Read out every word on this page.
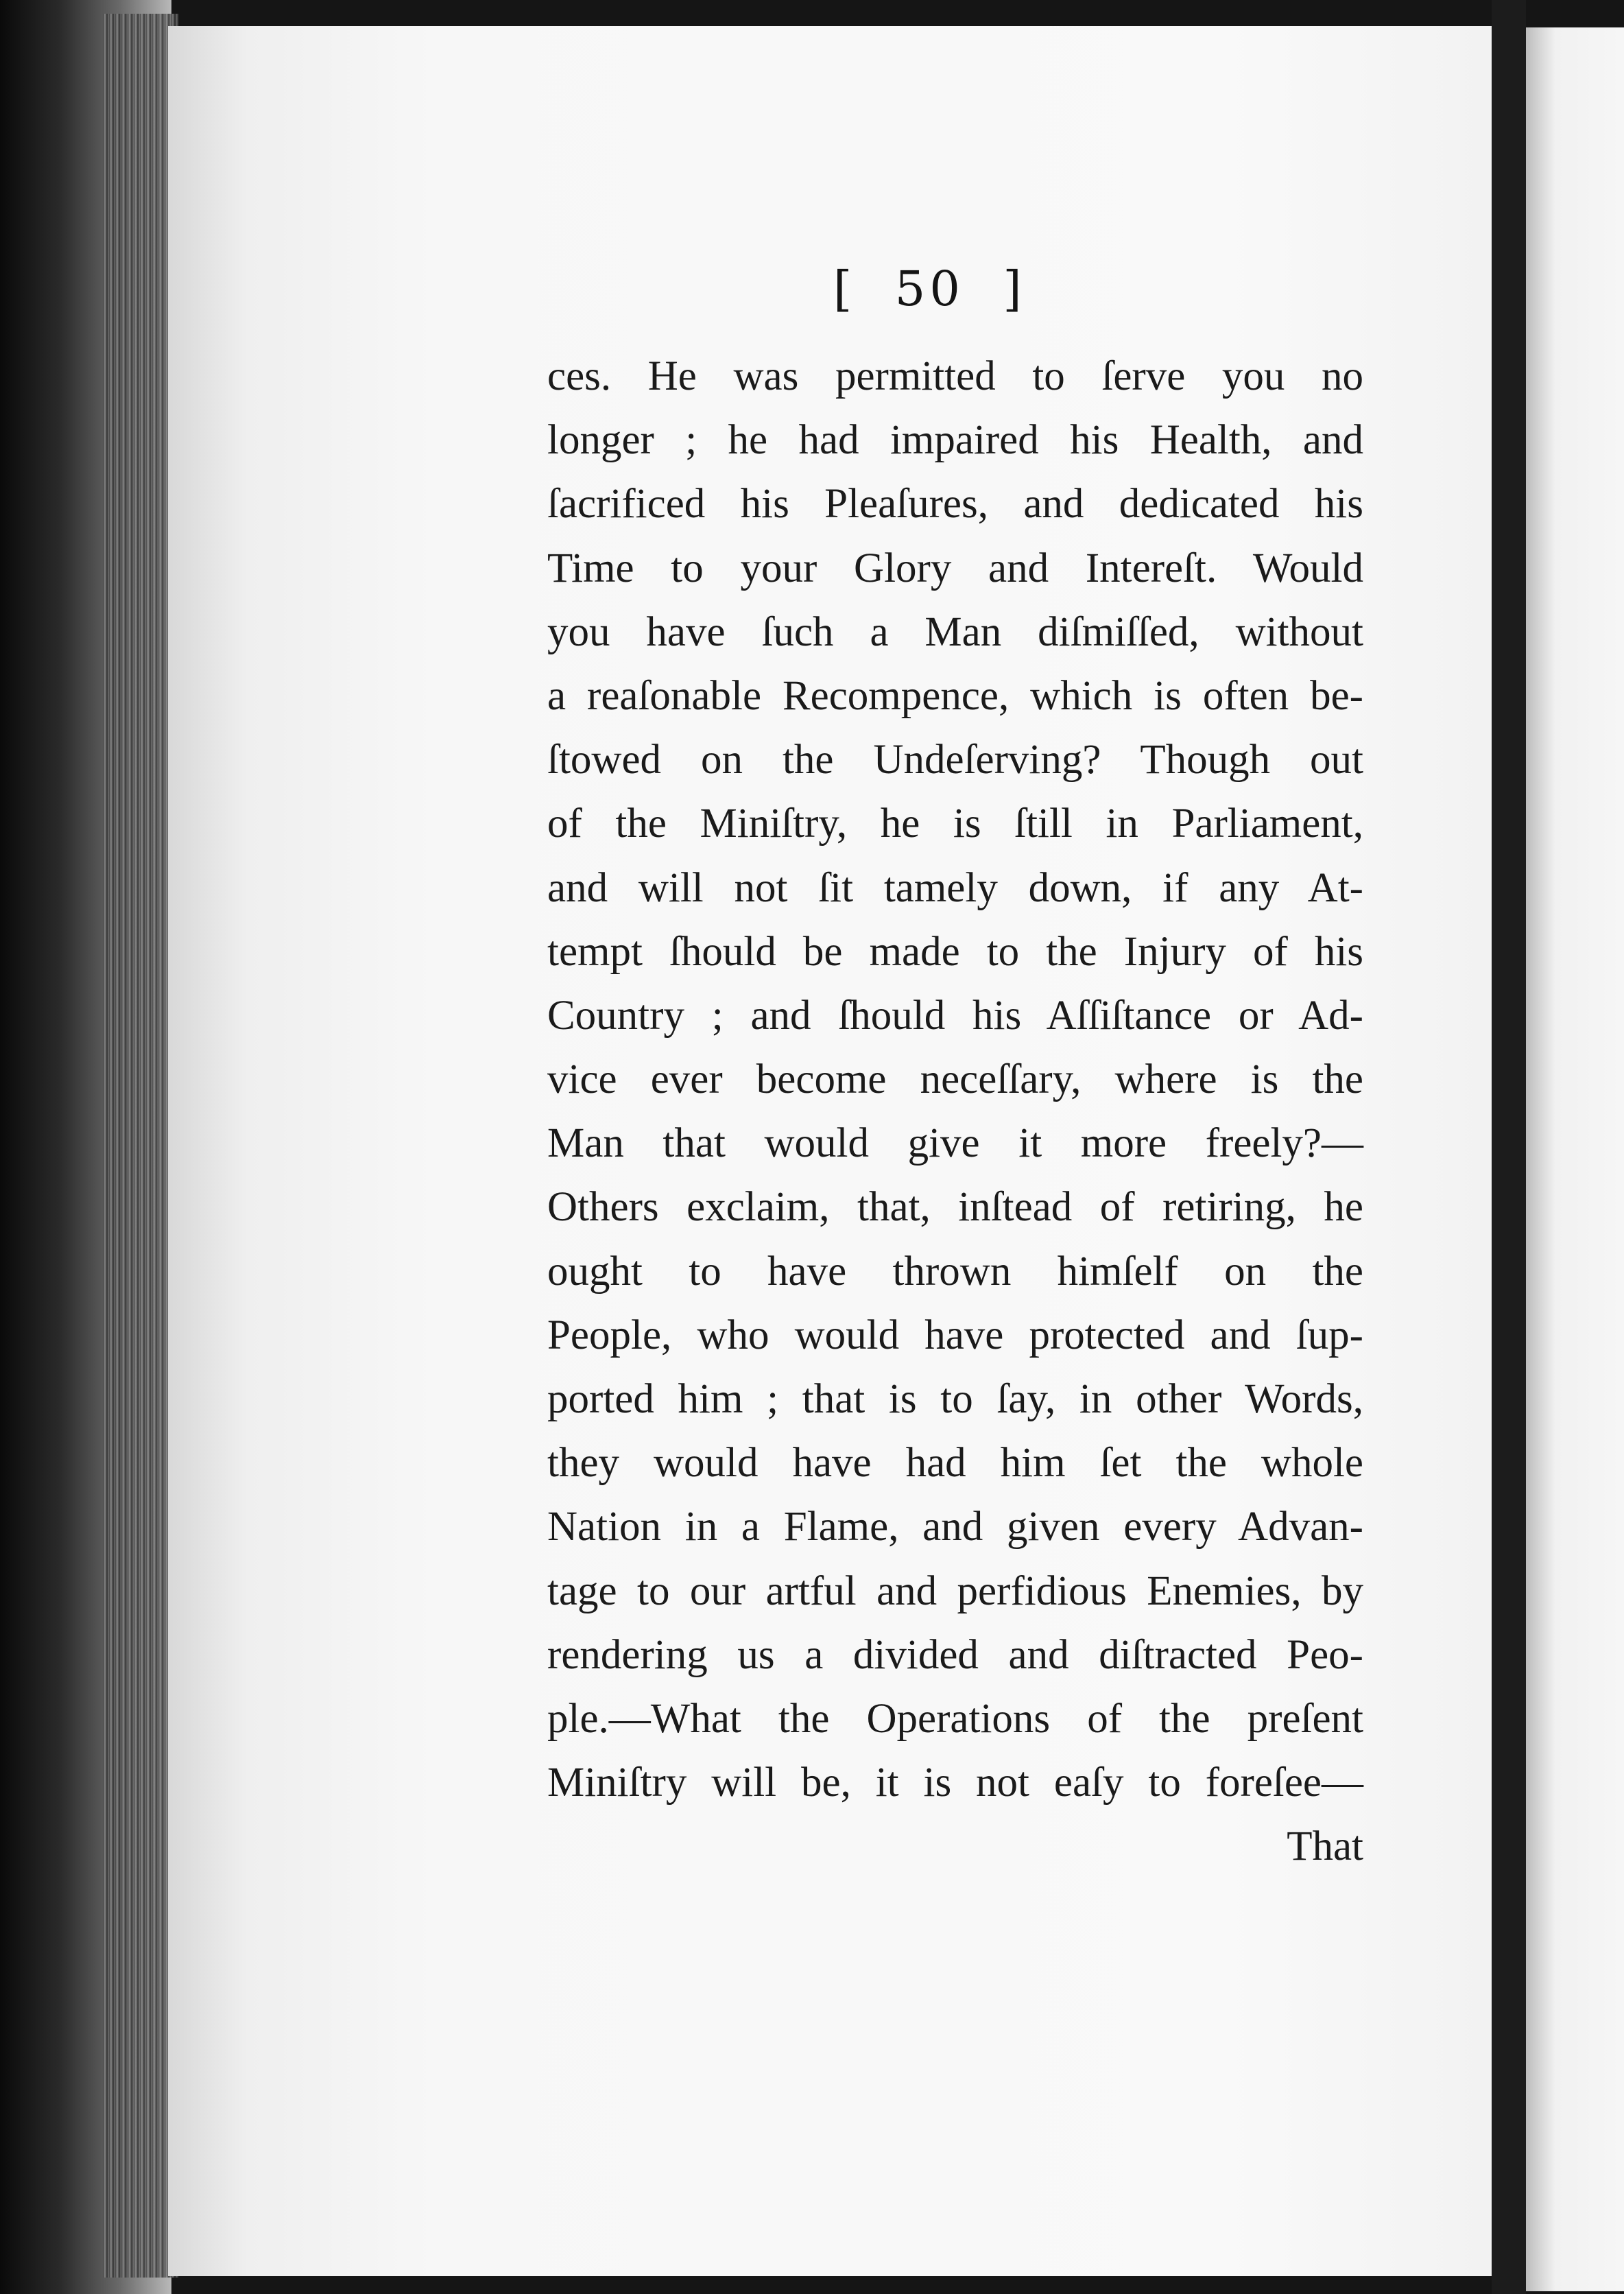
[  50  ]
ces. He was permitted to ſerve you no
longer ; he had impaired his Health, and
ſacrificed his Pleaſures, and dedicated his
Time to your Glory and Intereſt. Would
you have ſuch a Man diſmiſſed, without
a reaſonable Recompence, which is often be-
ſtowed on the Undeſerving? Though out
of the Miniſtry, he is ſtill in Parliament,
and will not ſit tamely down, if any At-
tempt ſhould be made to the Injury of his
Country ; and ſhould his Aſſiſtance or Ad-
vice ever become neceſſary, where is the
Man that would give it more freely?—
Others exclaim, that, inſtead of retiring, he
ought to have thrown himſelf on the
People, who would have protected and ſup-
ported him ; that is to ſay, in other Words,
they would have had him ſet the whole
Nation in a Flame, and given every Advan-
tage to our artful and perfidious Enemies, by
rendering us a divided and diſtracted Peo-
ple.—What the Operations of the preſent
Miniſtry will be, it is not eaſy to foreſee—
That
